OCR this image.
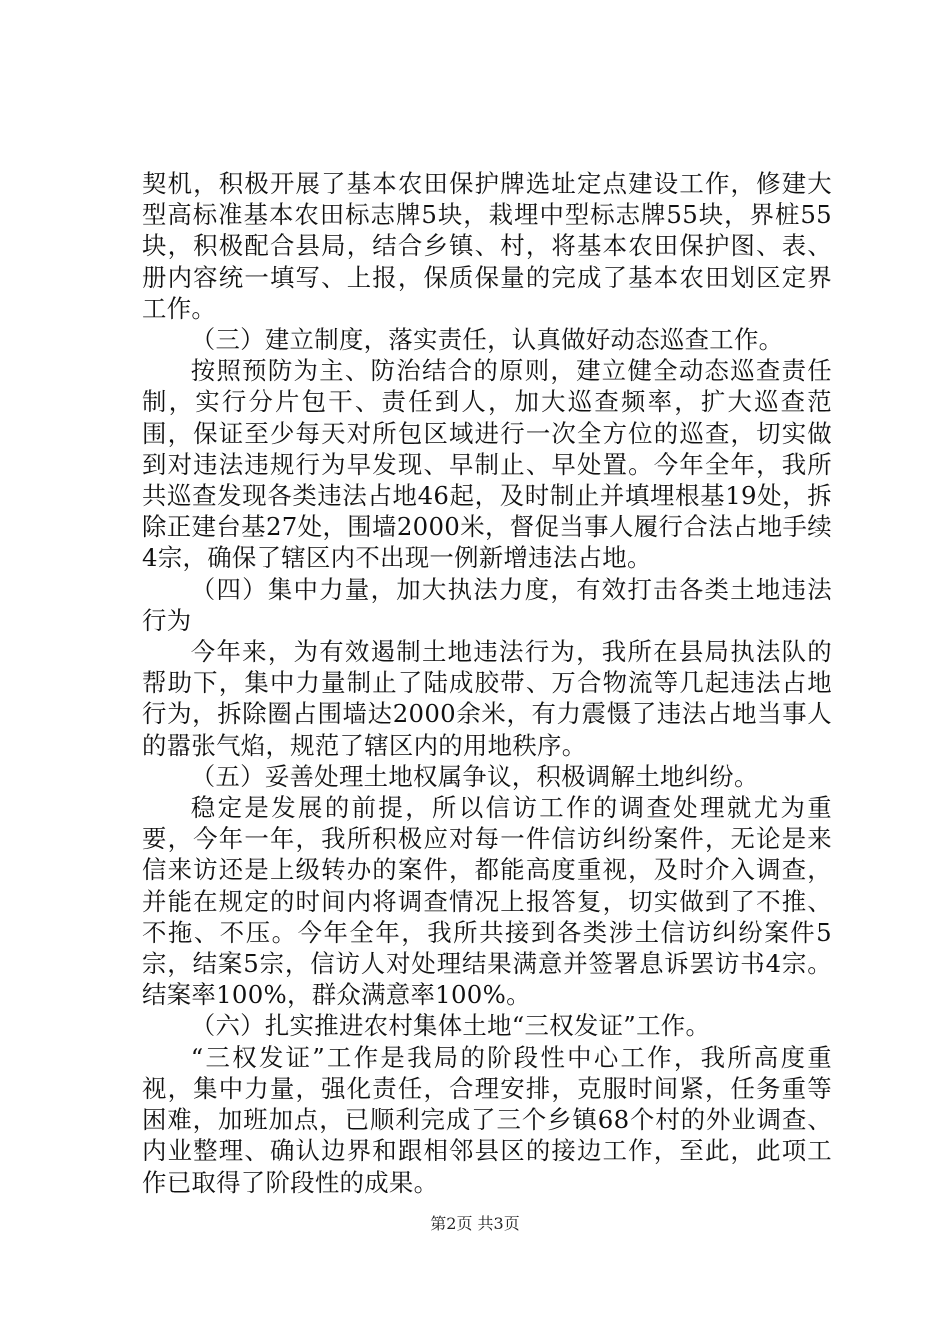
契机，积极开展了基本农田保护牌选址定点建设工作，修建大型高标准基本农田标志牌5块，栽埋中型标志牌55块，界桩55块，积极配合县局，结合乡镇、村，将基本农田保护图、表、册内容统一填写、上报，保质保量的完成了基本农田划区定界工作。

（三）建立制度，落实责任，认真做好动态巡查工作。

按照预防为主、防治结合的原则，建立健全动态巡查责任制，实行分片包干、责任到人，加大巡查频率，扩大巡查范围，保证至少每天对所包区域进行一次全方位的巡查，切实做到对违法违规行为早发现、早制止、早处置。今年全年，我所共巡查发现各类违法占地46起，及时制止并填埋根基19处，拆除正建台基27处，围墙2000米，督促当事人履行合法占地手续4宗，确保了辖区内不出现一例新增违法占地。

（四）集中力量，加大执法力度，有效打击各类土地违法行为

今年来，为有效遏制土地违法行为，我所在县局执法队的帮助下，集中力量制止了陆成胶带、万合物流等几起违法占地行为，拆除圈占围墙达2000余米，有力震慑了违法占地当事人的嚣张气焰，规范了辖区内的用地秩序。

（五）妥善处理土地权属争议，积极调解土地纠纷。

稳定是发展的前提，所以信访工作的调查处理就尤为重要，今年一年，我所积极应对每一件信访纠纷案件，无论是来信来访还是上级转办的案件，都能高度重视，及时介入调查，并能在规定的时间内将调查情况上报答复，切实做到了不推、不拖、不压。今年全年，我所共接到各类涉土信访纠纷案件5宗，结案5宗，信访人对处理结果满意并签署息诉罢访书4宗。结案率100%，群众满意率100%。

（六）扎实推进农村集体土地“三权发证”工作。

“三权发证”工作是我局的阶段性中心工作，我所高度重视，集中力量，强化责任，合理安排，克服时间紧，任务重等困难，加班加点，已顺利完成了三个乡镇68个村的外业调查、内业整理、确认边界和跟相邻县区的接边工作，至此，此项工作已取得了阶段性的成果。

第2页 共3页
